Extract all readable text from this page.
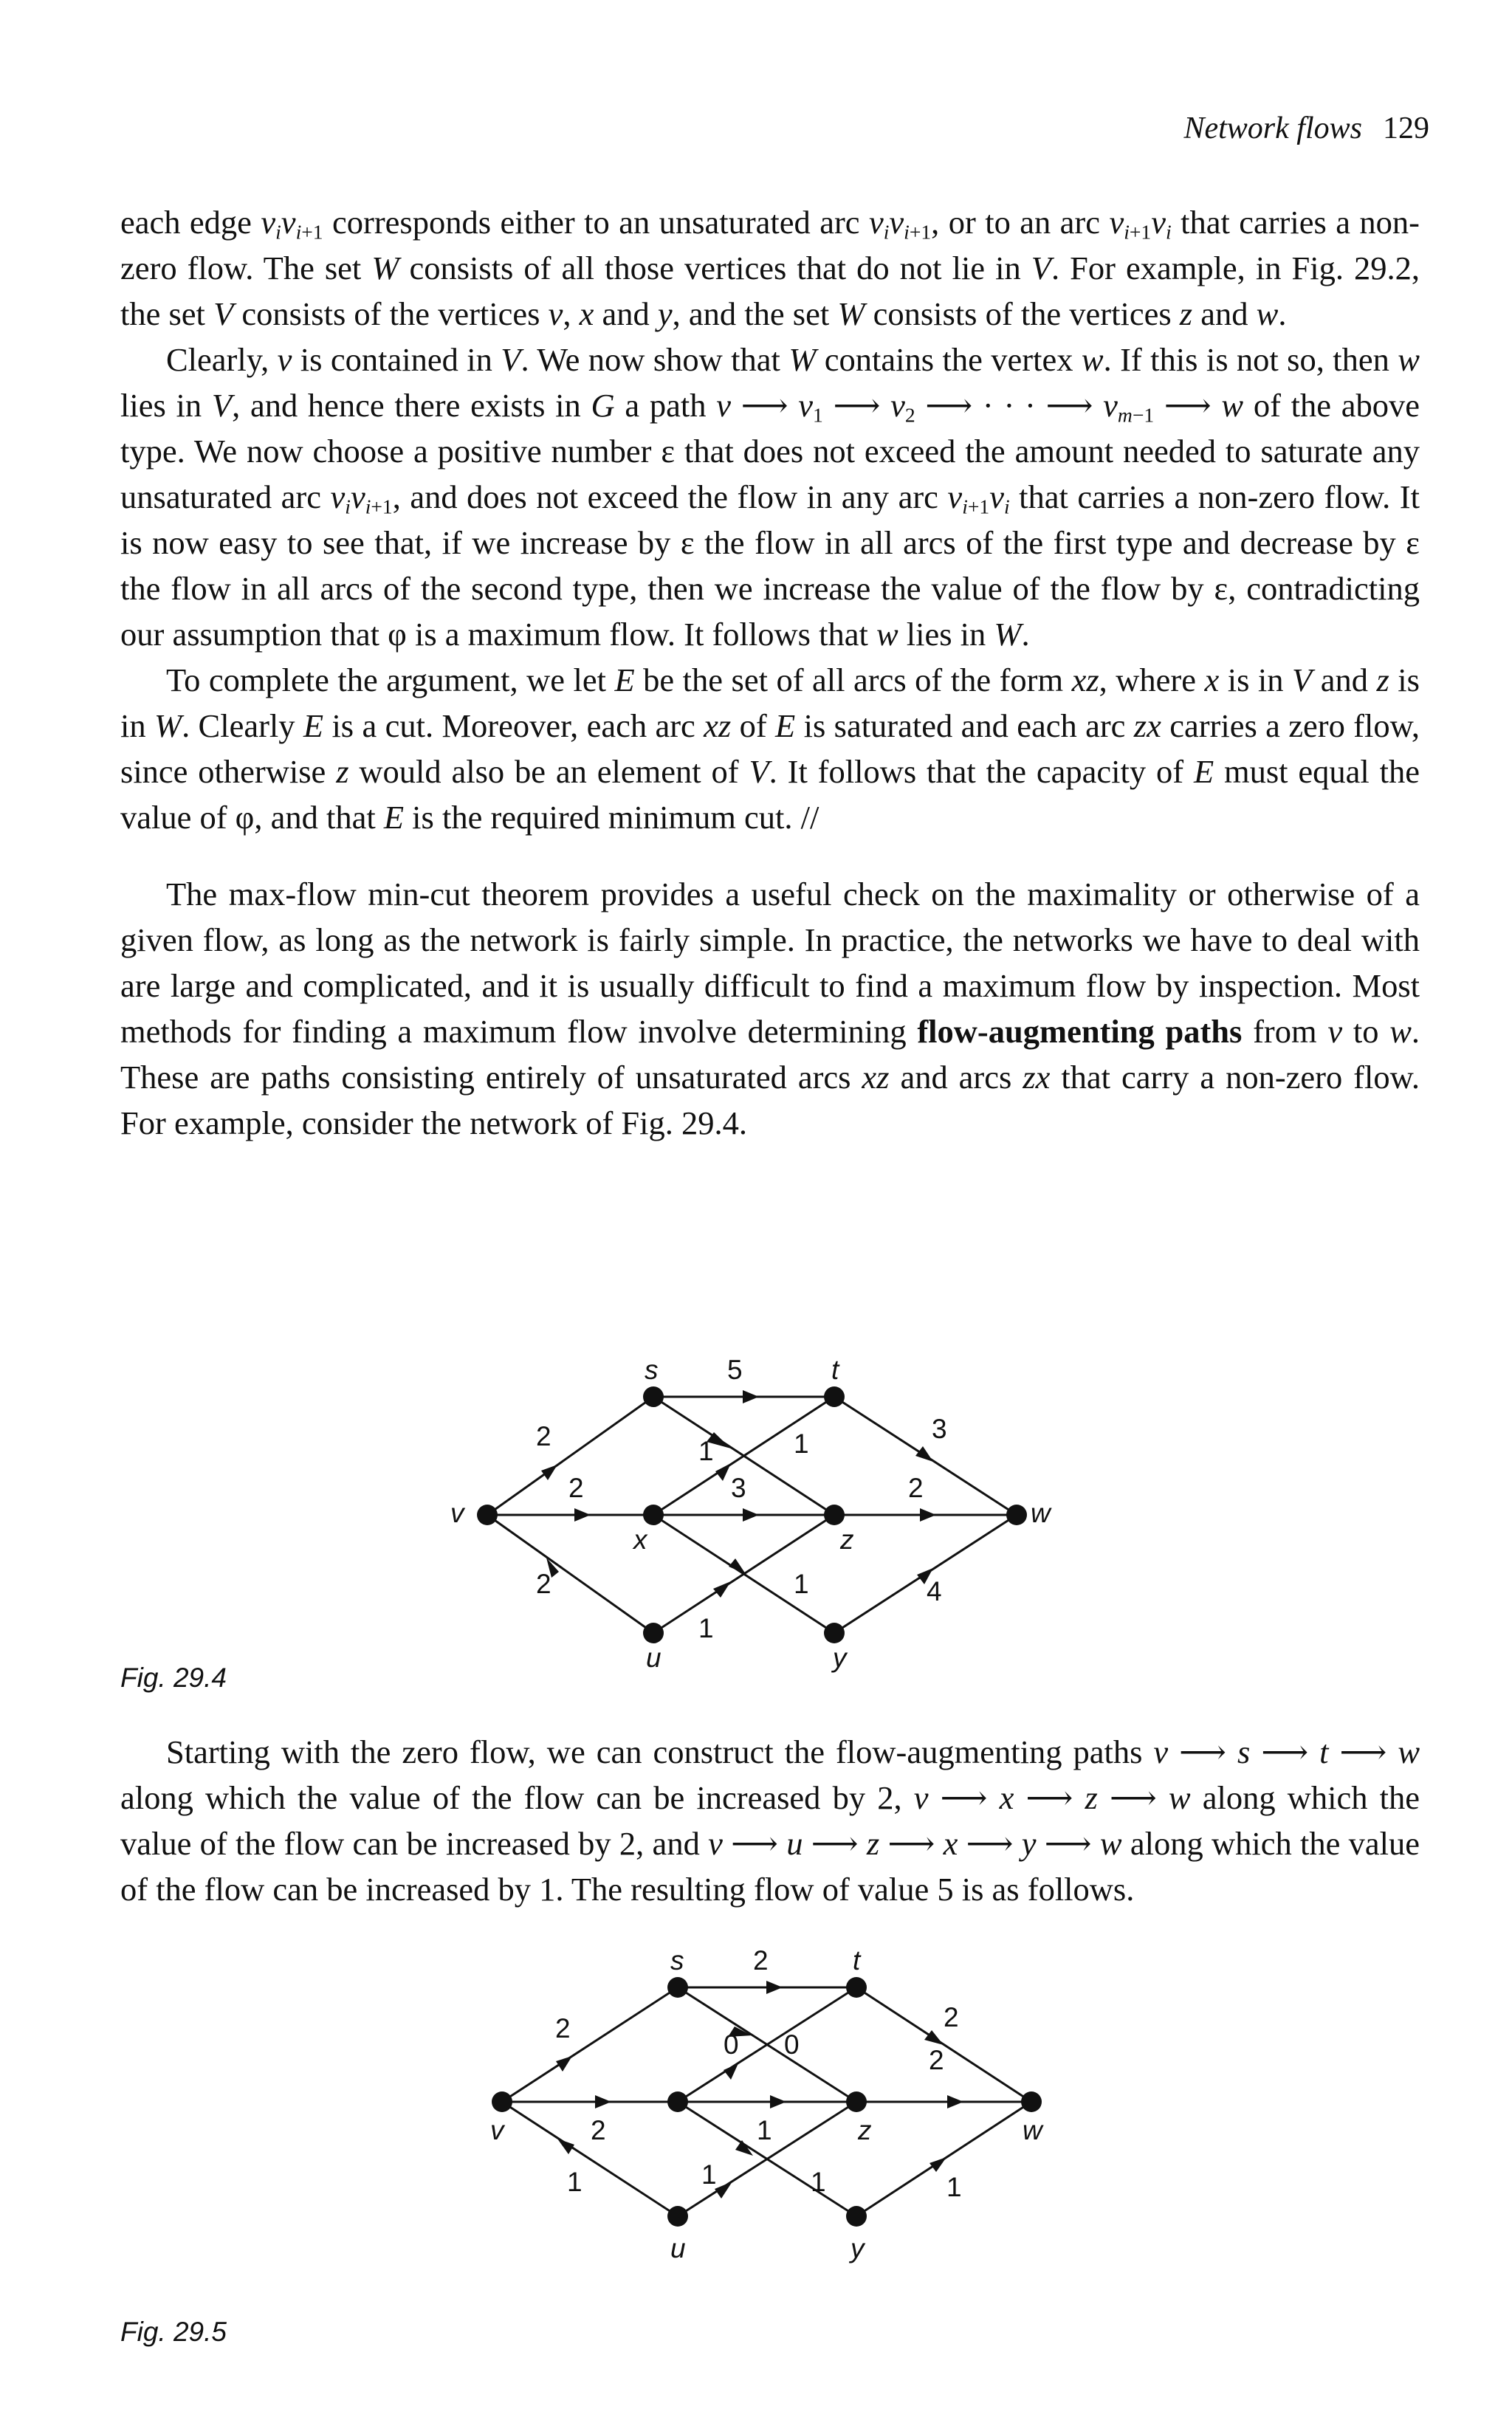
Network flows 129

each edge $v_iv_{i+1}$ corresponds either to an unsaturated arc $v_iv_{i+1}$, or to an arc $v_{i+1}v_i$ that carries a non-zero flow. The set W consists of all those vertices that do not lie in V. For example, in Fig. 29.2, the set V consists of the vertices v, x and y, and the set W consists of the vertices z and w.

Clearly, v is contained in V. We now show that W contains the vertex w. If this is not so, then w lies in V, and hence there exists in G a path v ⟶ $v_1$ ⟶ $v_2$ ⟶ · · · ⟶ $v_{m-1}$ ⟶ w of the above type. We now choose a positive number ε that does not exceed the amount needed to saturate any unsaturated arc $v_iv_{i+1}$, and does not exceed the flow in any arc $v_{i+1}v_i$ that carries a non-zero flow. It is now easy to see that, if we increase by ε the flow in all arcs of the first type and decrease by ε the flow in all arcs of the second type, then we increase the value of the flow by ε, contradicting our assumption that φ is a maximum flow. It follows that w lies in W.

To complete the argument, we let E be the set of all arcs of the form xz, where x is in V and z is in W. Clearly E is a cut. Moreover, each arc xz of E is saturated and each arc zx carries a zero flow, since otherwise z would also be an element of V. It follows that the capacity of E must equal the value of φ, and that E is the required minimum cut. //

The max-flow min-cut theorem provides a useful check on the maximality or otherwise of a given flow, as long as the network is fairly simple. In practice, the networks we have to deal with are large and complicated, and it is usually difficult to find a maximum flow by inspection. Most methods for finding a maximum flow involve determining flow-augmenting paths from v to w. These are paths consisting entirely of unsaturated arcs xz and arcs zx that carry a non-zero flow. For example, consider the network of Fig. 29.4.

Starting with the zero flow, we can construct the flow-augmenting paths v ⟶ s ⟶ t ⟶ w along which the value of the flow can be increased by 2, v ⟶ x ⟶ z ⟶ w along which the value of the flow can be increased by 2, and v ⟶ u ⟶ z ⟶ x ⟶ y ⟶ w along which the value of the flow can be increased by 1. The resulting flow of value 5 is as follows.

Fig. 29.4
Fig. 29.5
s	5	t
2	1	1	3
2	3	2
v
x	z
w
2	1	4
1
u	y
s	2	t
2
0 0
2
2
v	2	1	z	w
1	1	1	1
u	y
